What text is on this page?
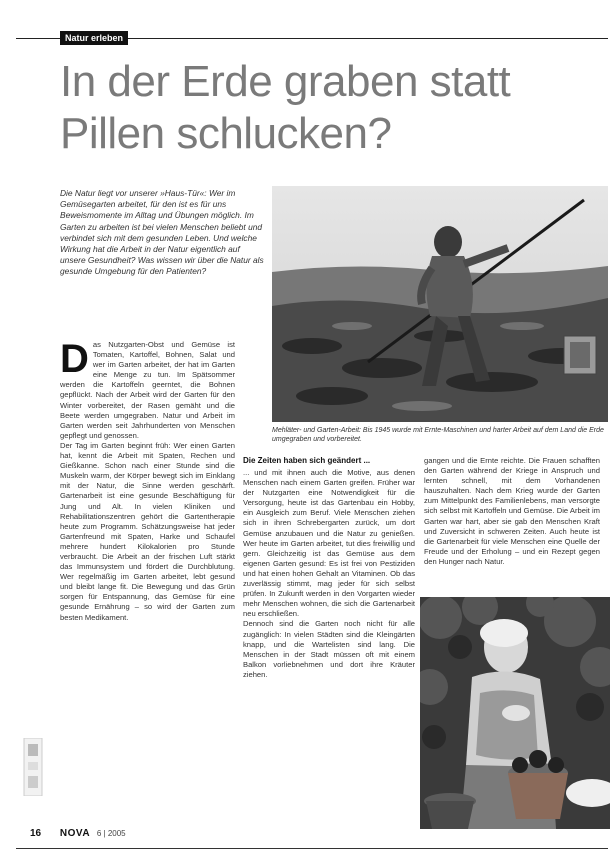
Natur erleben
In der Erde graben statt Pillen schlucken?
Die Natur liegt vor unserer »Haus-Tür«: Wer im Gemüsegarten arbeitet, für den ist es für uns Beweismomente im Alltag und Übungen möglich. Im Garten zu arbeiten ist bei vielen Menschen beliebt und verbindet sich mit dem gesunden Leben. Und welche Wirkung hat die Arbeit in der Natur eigentlich auf unsere Gesundheit? Was wissen wir über die Natur als gesunde Umgebung für den Patienten?
Mehläter- und Garten-Arbeit: Bis 1945 wurde mit Ernte-Maschinen und harter Arbeit auf dem Land die Erde umgegraben und vorbereitet.
D as Nutzgarten-Obst und Gemüse ist Tomaten, Kartoffel, Bohnen, Salat und wer im Garten arbeitet, der hat im Garten eine Menge zu tun. Im Spätsommer werden die Kartoffeln geerntet, die Bohnen gepflückt. Nach der Arbeit wird der Garten für den Winter vorbereitet, der Rasen gemäht und die Beete werden umgegraben. Natur und Arbeit im Garten werden seit Jahrhunderten von Menschen gepflegt und genossen.

Der Tag im Garten beginnt früh: Wer einen Garten hat, kennt die Arbeit mit Spaten, Rechen und Gießkanne. Schon nach einer Stunde sind die Muskeln warm, der Körper bewegt sich im Einklang mit der Natur, die Sinne werden geschärft. Gartenarbeit ist eine gesunde Beschäftigung für Jung und Alt. In vielen Kliniken und Rehabilitationszentren gehört die Gartentherapie heute zum Programm. Schätzungsweise hat jeder Gartenfreund mit Spaten, Harke und Schaufel mehrere hundert Kilokalorien pro Stunde verbraucht. Die Arbeit an der frischen Luft stärkt das Immunsystem und fördert die Durchblutung. Wer regelmäßig im Garten arbeitet, lebt gesund und bleibt lange fit. Die Bewegung und das Grün sorgen für Entspannung, das Gemüse für eine gesunde Ernährung – so wird der Garten zum besten Medikament.

Die Zeiten haben sich geändert ...

... und mit ihnen auch die Motive, aus denen Menschen nach einem Garten greifen. Früher war der Nutzgarten eine Notwendigkeit für die Versorgung, heute ist das Gartenbau ein Hobby, ein Ausgleich zum Beruf. Viele Menschen ziehen sich in ihren Schrebergarten zurück, um dort Gemüse anzubauen und die Natur zu genießen. Wer heute im Garten arbeitet, tut dies freiwillig und gern. Gleichzeitig ist das Gemüse aus dem eigenen Garten gesund: Es ist frei von Pestiziden und hat einen hohen Gehalt an Vitaminen. Ob das zuverlässig stimmt, mag jeder für sich selbst prüfen. In Zukunft werden in den Vorgarten wieder mehr Menschen wohnen, die sich die Gartenarbeit neu erschließen.

Dennoch sind die Garten noch nicht für alle zugänglich: In vielen Städten sind die Kleingärten knapp, und die Wartelisten sind lang. Die Menschen in der Stadt müssen oft mit einem Balkon vorliebnehmen und dort ihre Kräuter ziehen.

gangen und die Ernte reichte. Die Frauen schafften den Garten während der Kriege in Anspruch und lernten schnell, mit dem Vorhandenen hauszuhalten. Nach dem Krieg wurde der Garten zum Mittelpunkt des Familienlebens, man versorgte sich selbst mit Kartoffeln und Gemüse. Die Arbeit im Garten war hart, aber sie gab den Menschen Kraft und Zuversicht in schweren Zeiten. Auch heute ist die Gartenarbeit für viele Menschen eine Quelle der Freude und der Erholung – und ein Rezept gegen den Hunger nach Natur.

16 NOVA 6 | 2005
